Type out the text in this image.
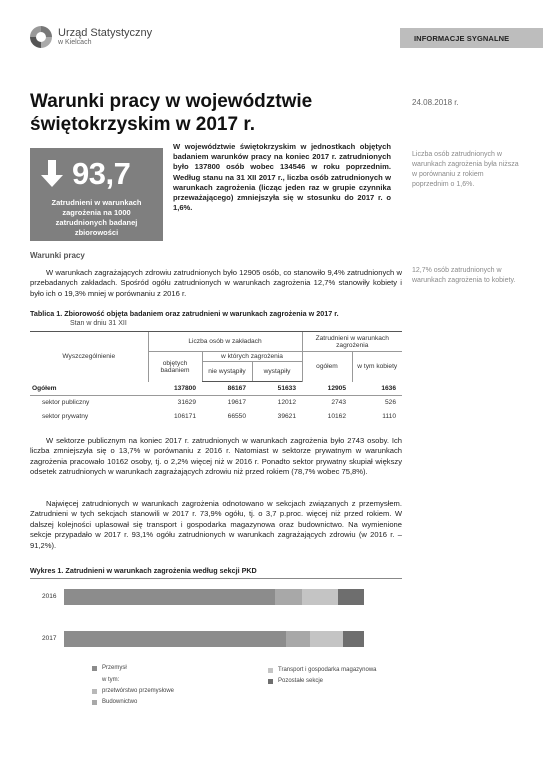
Urząd Statystyczny
w Kielcach	INFORMACJE SYGNALNE
Warunki pracy w województwie świętokrzyskim w 2017 r.
24.08.2018 r.
93,7
Zatrudnieni w warunkach zagrożenia na 1000 zatrudnionych badanej zbiorowości

W województwie świętokrzyskim w jednostkach objętych badaniem warunków pracy na koniec 2017 r. zatrudnionych było 137800 osób wobec 134546 w roku poprzednim. Według stanu na 31 XII 2017 r., liczba osób zatrudnionych w warunkach zagrożenia (licząc jeden raz w grupie czynnika przeważającego) zmniejszyła się w stosunku do 2017 r. o 1,6%.

Liczba osób zatrudnionych w warunkach zagrożenia była niższa w porównaniu z rokiem poprzednim o 1,6%.
12,7% osób zatrudnionych w warunkach zagrożenia to kobiety.
Warunki pracy

W warunkach zagrażających zdrowiu zatrudnionych było 12905 osób, co stanowiło 9,4% zatrudnionych w przebadanych zakładach. Spośród ogółu zatrudnionych w warunkach zagrożenia 12,7% stanowiły kobiety i było ich o 19,3% mniej w porównaniu z 2016 r.

Tablica 1. Zbiorowość objęta badaniem oraz zatrudnieni w warunkach zagrożenia w 2017 r.
Stan w dniu 31 XII
Wyszczególnienie	Liczba osób w zakładach			Zatrudnieni w warunkach zagrożenia	
	objętych badaniem	w których zagrożenia		ogółem	w tym kobiety
		nie wystąpiły	wystąpiły		
Ogółem	137800	86167	51633	12905	1636
sektor publiczny	31629	19617	12012	2743	526
sektor prywatny	106171	66550	39621	10162	1110

W sektorze publicznym na koniec 2017 r. zatrudnionych w warunkach zagrożenia było 2743 osoby. Ich liczba zmniejszyła się o 13,7% w porównaniu z 2016 r. Natomiast w sektorze prywatnym w warunkach zagrożenia pracowało 10162 osoby, tj. o 2,2% więcej niż w 2016 r. Ponadto sektor prywatny skupiał większy odsetek zatrudnionych w warunkach zagrażających zdrowiu niż przed rokiem (78,7% wobec 75,8%).

Najwięcej zatrudnionych w warunkach zagrożenia odnotowano w sekcjach związanych z przemysłem. Zatrudnieni w tych sekcjach stanowili w 2017 r. 73,9% ogółu, tj. o 3,7 p.proc. więcej niż przed rokiem. W dalszej kolejności uplasował się transport i gospodarka magazynowa oraz budownictwo. Na wymienione sekcje przypadało w 2017 r. 93,1% ogółu zatrudnionych w warunkach zagrażających zdrowiu (w 2016 r. – 91,2%).

Wykres 1. Zatrudnieni w warunkach zagrożenia według sekcji PKD
2016
2017
Przemysł
w tym:
przetwórstwo przemysłowe
Budownictwo
Transport i gospodarka magazynowa
Pozostałe sekcje
